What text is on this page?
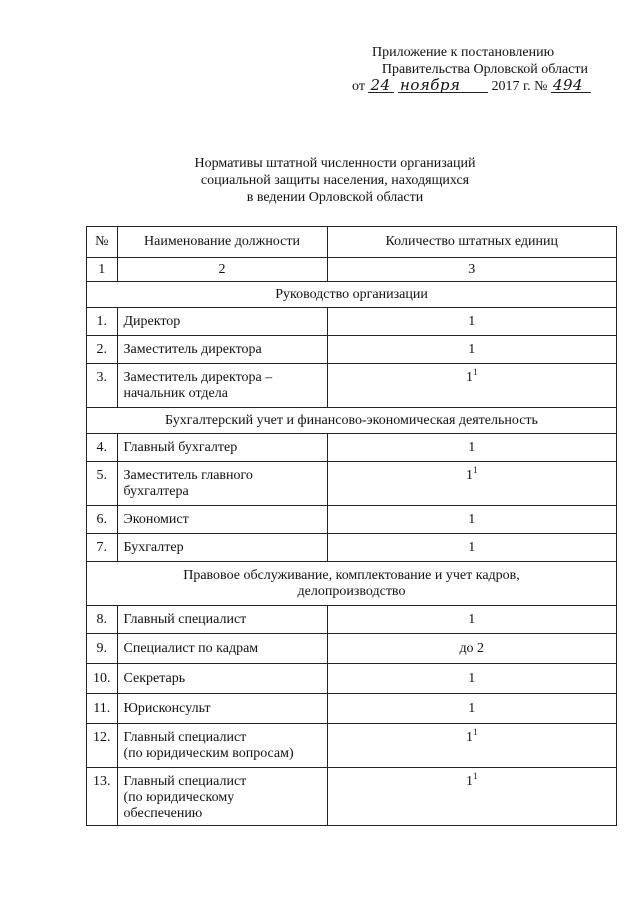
Приложение к постановлению
Правительства Орловской области
от 24 ноября 2017 г. № 494
Нормативы штатной численности организаций
социальной защиты населения, находящихся
в ведении Орловской области
№	Наименование должности	Количество штатных единиц
1	2	3

Руководство организации		

1.	Директор	1
2.	Заместитель директора	1
3.	Заместитель директора –
начальник отдела	$1^1$

Бухгалтерский учет и финансово-экономическая деятельность		

4.	Главный бухгалтер	1
5.	Заместитель главного
бухгалтера	$1^1$
6.	Экономист	1
7.	Бухгалтер	1

Правовое обслуживание, комплектование и учет кадров,
делопроизводство		

8.	Главный специалист	1
9.	Специалист по кадрам	до 2
10.	Секретарь	1
11.	Юрисконсульт	1
12.	Главный специалист
(по юридическим вопросам)	$1^1$
13.	Главный специалист
(по юридическому
обеспечению	$1^1$
